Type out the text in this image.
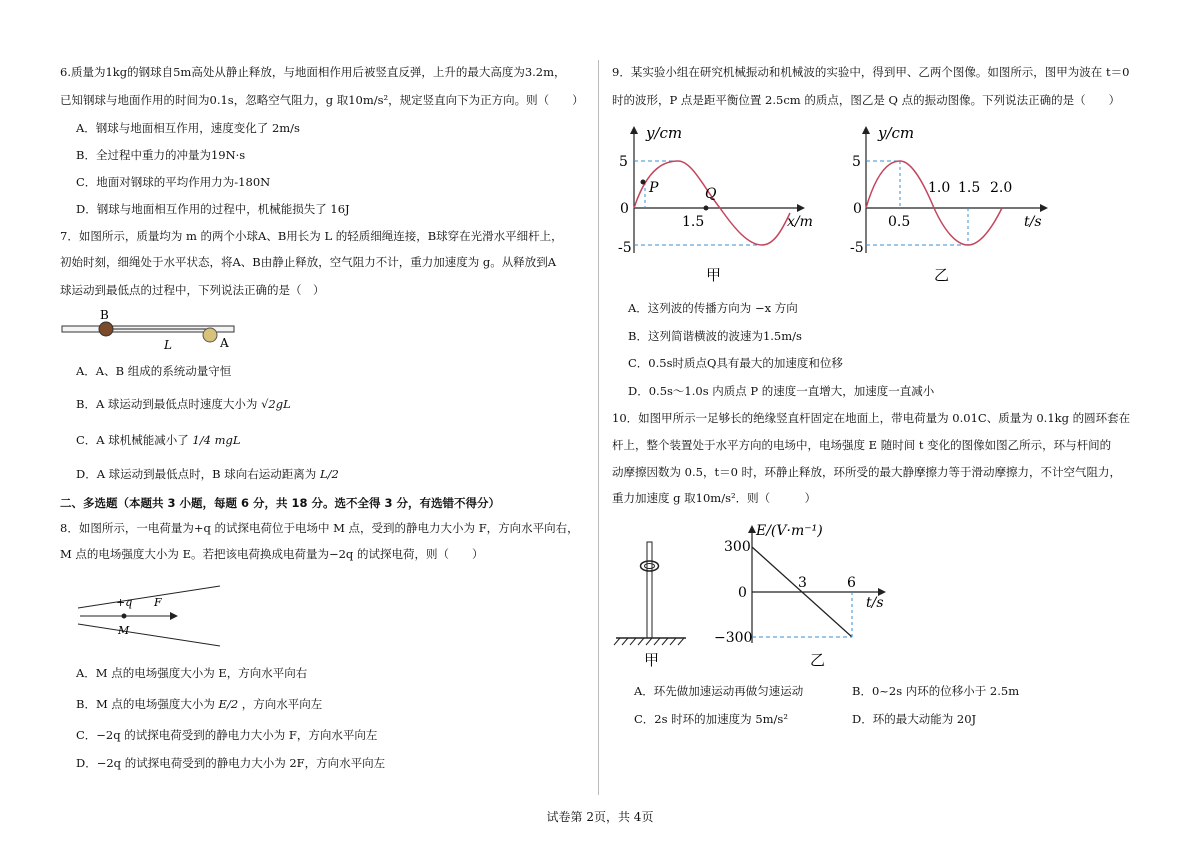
6.质量为1kg的钢球自5m高处从静止释放，与地面相作用后被竖直反弹，上升的最大高度为3.2m，
已知钢球与地面作用的时间为0.1s，忽略空气阻力，g 取10m/s²，规定竖直向下为正方向。则（　　）
A．钢球与地面相互作用，速度变化了 2m/s
B．全过程中重力的冲量为19N·s
C．地面对钢球的平均作用力为-180N
D．钢球与地面相互作用的过程中，机械能损失了 16J
7．如图所示，质量均为 m 的两个小球A、B用长为 L 的轻质细绳连接，B球穿在光滑水平细杆上，
初始时刻，细绳处于水平状态，将A、B由静止释放，空气阻力不计，重力加速度为 g。从释放到A
球运动到最低点的过程中，下列说法正确的是（　）
B
A
L
A．A、B 组成的系统动量守恒
B．A 球运动到最低点时速度大小为 √2gL
C．A 球机械能减小了 1/4 mgL
D．A 球运动到最低点时，B 球向右运动距离为 L/2
二、多选题（本题共 3 小题，每题 6 分，共 18 分。选不全得 3 分，有选错不得分）
8．如图所示，一电荷量为+q 的试探电荷位于电场中 M 点，受到的静电力大小为 F，方向水平向右，
M 点的电场强度大小为 E。若把该电荷换成电荷量为−2q 的试探电荷，则（　　）
+q F
M
A．M 点的电场强度大小为 E，方向水平向右
B．M 点的电场强度大小为 E/2 ，方向水平向左
C．−2q 的试探电荷受到的静电力大小为 F，方向水平向左
D．−2q 的试探电荷受到的静电力大小为 2F，方向水平向左
9．某实验小组在研究机械振动和机械波的实验中，得到甲、乙两个图像。如图所示，图甲为波在 t＝0
时的波形，P 点是距平衡位置 2.5cm 的质点，图乙是 Q 点的振动图像。下列说法正确的是（　　）
y/cm
5
-5
0
1.5
P	Q
x/m
甲
y/cm
5
-5
0
0.5
1.0 1.5 2.0
t/s
乙
A．这列波的传播方向为 −x 方向
B．这列简谐横波的波速为1.5m/s
C．0.5s时质点Q具有最大的加速度和位移
D．0.5s～1.0s 内质点 P 的速度一直增大，加速度一直减小
10．如图甲所示一足够长的绝缘竖直杆固定在地面上，带电荷量为 0.01C、质量为 0.1kg 的圆环套在
杆上，整个装置处于水平方向的电场中，电场强度 E 随时间 t 变化的图像如图乙所示，环与杆间的
动摩擦因数为 0.5，t＝0 时，环静止释放，环所受的最大静摩擦力等于滑动摩擦力，不计空气阻力，
重力加速度 g 取10m/s²．则（　　　）
甲
E/(V·m⁻¹)
300
0
−300
3	6
t/s
乙
A．环先做加速运动再做匀速运动	B．0~2s 内环的位移小于 2.5m
C．2s 时环的加速度为 5m/s²	D．环的最大动能为 20J
试卷第 2页，共 4页
